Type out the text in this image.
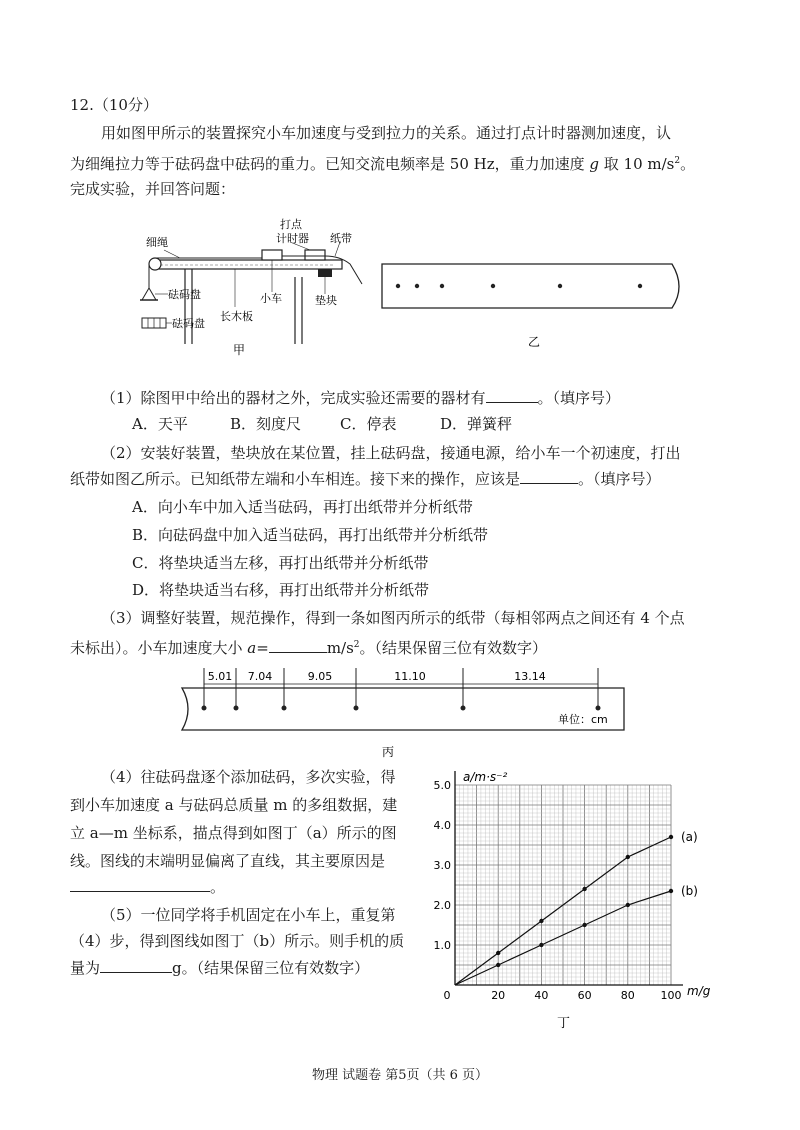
12.（10分）
用如图甲所示的装置探究小车加速度与受到拉力的关系。通过打点计时器测加速度，认
为细绳拉力等于砝码盘中砝码的重力。已知交流电频率是 50 Hz，重力加速度 g 取 10 $m/s^2$。
完成实验，并回答问题：
细绳
打点
计时器 纸带
砝码盘	小车	垫块
长木板
砝码盘
甲
乙
（1）除图甲中给出的器材之外，完成实验还需要的器材有	。（填序号）
A．天平	B．刻度尺	C．停表	D．弹簧秤
（2）安装好装置，垫块放在某位置，挂上砝码盘，接通电源，给小车一个初速度，打出
纸带如图乙所示。已知纸带左端和小车相连。接下来的操作，应该是	。（填序号）
A．向小车中加入适当砝码，再打出纸带并分析纸带
B．向砝码盘中加入适当砝码，再打出纸带并分析纸带
C．将垫块适当左移，再打出纸带并分析纸带
D．将垫块适当右移，再打出纸带并分析纸带
（3）调整好装置，规范操作，得到一条如图丙所示的纸带（每相邻两点之间还有 4 个点
未标出）。小车加速度大小 a=	$m/s^2$。（结果保留三位有效数字）
5.01 7.04	9.05	11.10	13.14
单位：cm
丙
（4）往砝码盘逐个添加砝码，多次实验，得
到小车加速度 a 与砝码总质量 m 的多组数据，建
立 a—m 坐标系，描点得到如图丁（a）所示的图
线。图线的末端明显偏离了直线，其主要原因是
。
（5）一位同学将手机固定在小车上，重复第
（4）步，得到图线如图丁（b）所示。则手机的质
量为	g。（结果保留三位有效数字）
0	20	40	60	80 100
1.0
2.0
3.0
4.0
5.0
m/g
a/m·s⁻²
(a)
(b)
丁
物理 试题卷 第5页（共 6 页）
